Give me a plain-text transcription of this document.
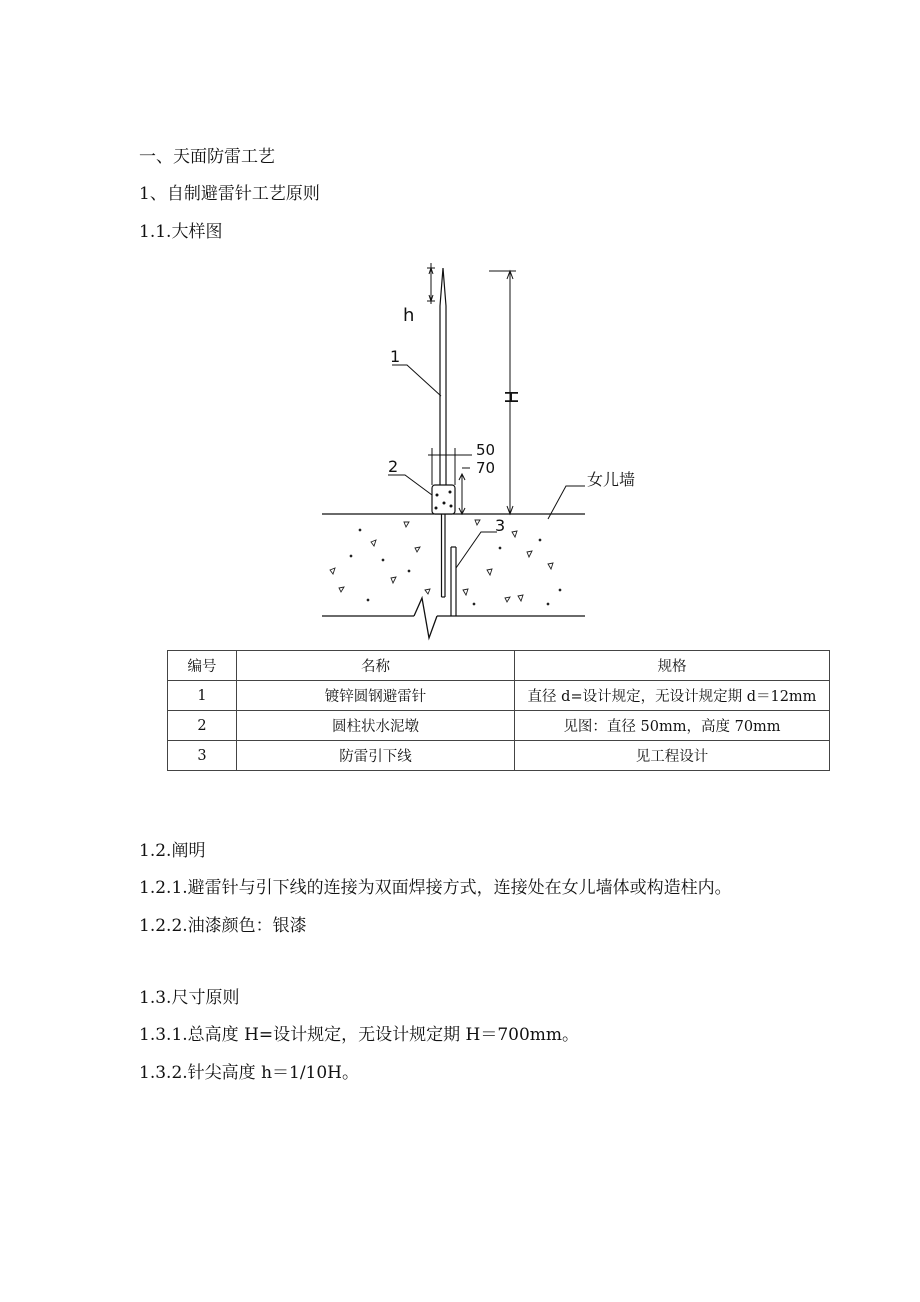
一、天面防雷工艺
1、自制避雷针工艺原则
1.1.大样图
h
H
1
2
3
50
70
女儿墙
编号	名称	规格
1	镀锌圆钢避雷针	直径 d=设计规定，无设计规定期 d＝12mm
2	圆柱状水泥墩	见图：直径 50mm，高度 70mm
3	防雷引下线	见工程设计
1.2.阐明
1.2.1.避雷针与引下线的连接为双面焊接方式，连接处在女儿墙体或构造柱内。
1.2.2.油漆颜色：银漆
1.3.尺寸原则
1.3.1.总高度 H=设计规定，无设计规定期 H＝700mm。
1.3.2.针尖高度 h＝1/10H。
